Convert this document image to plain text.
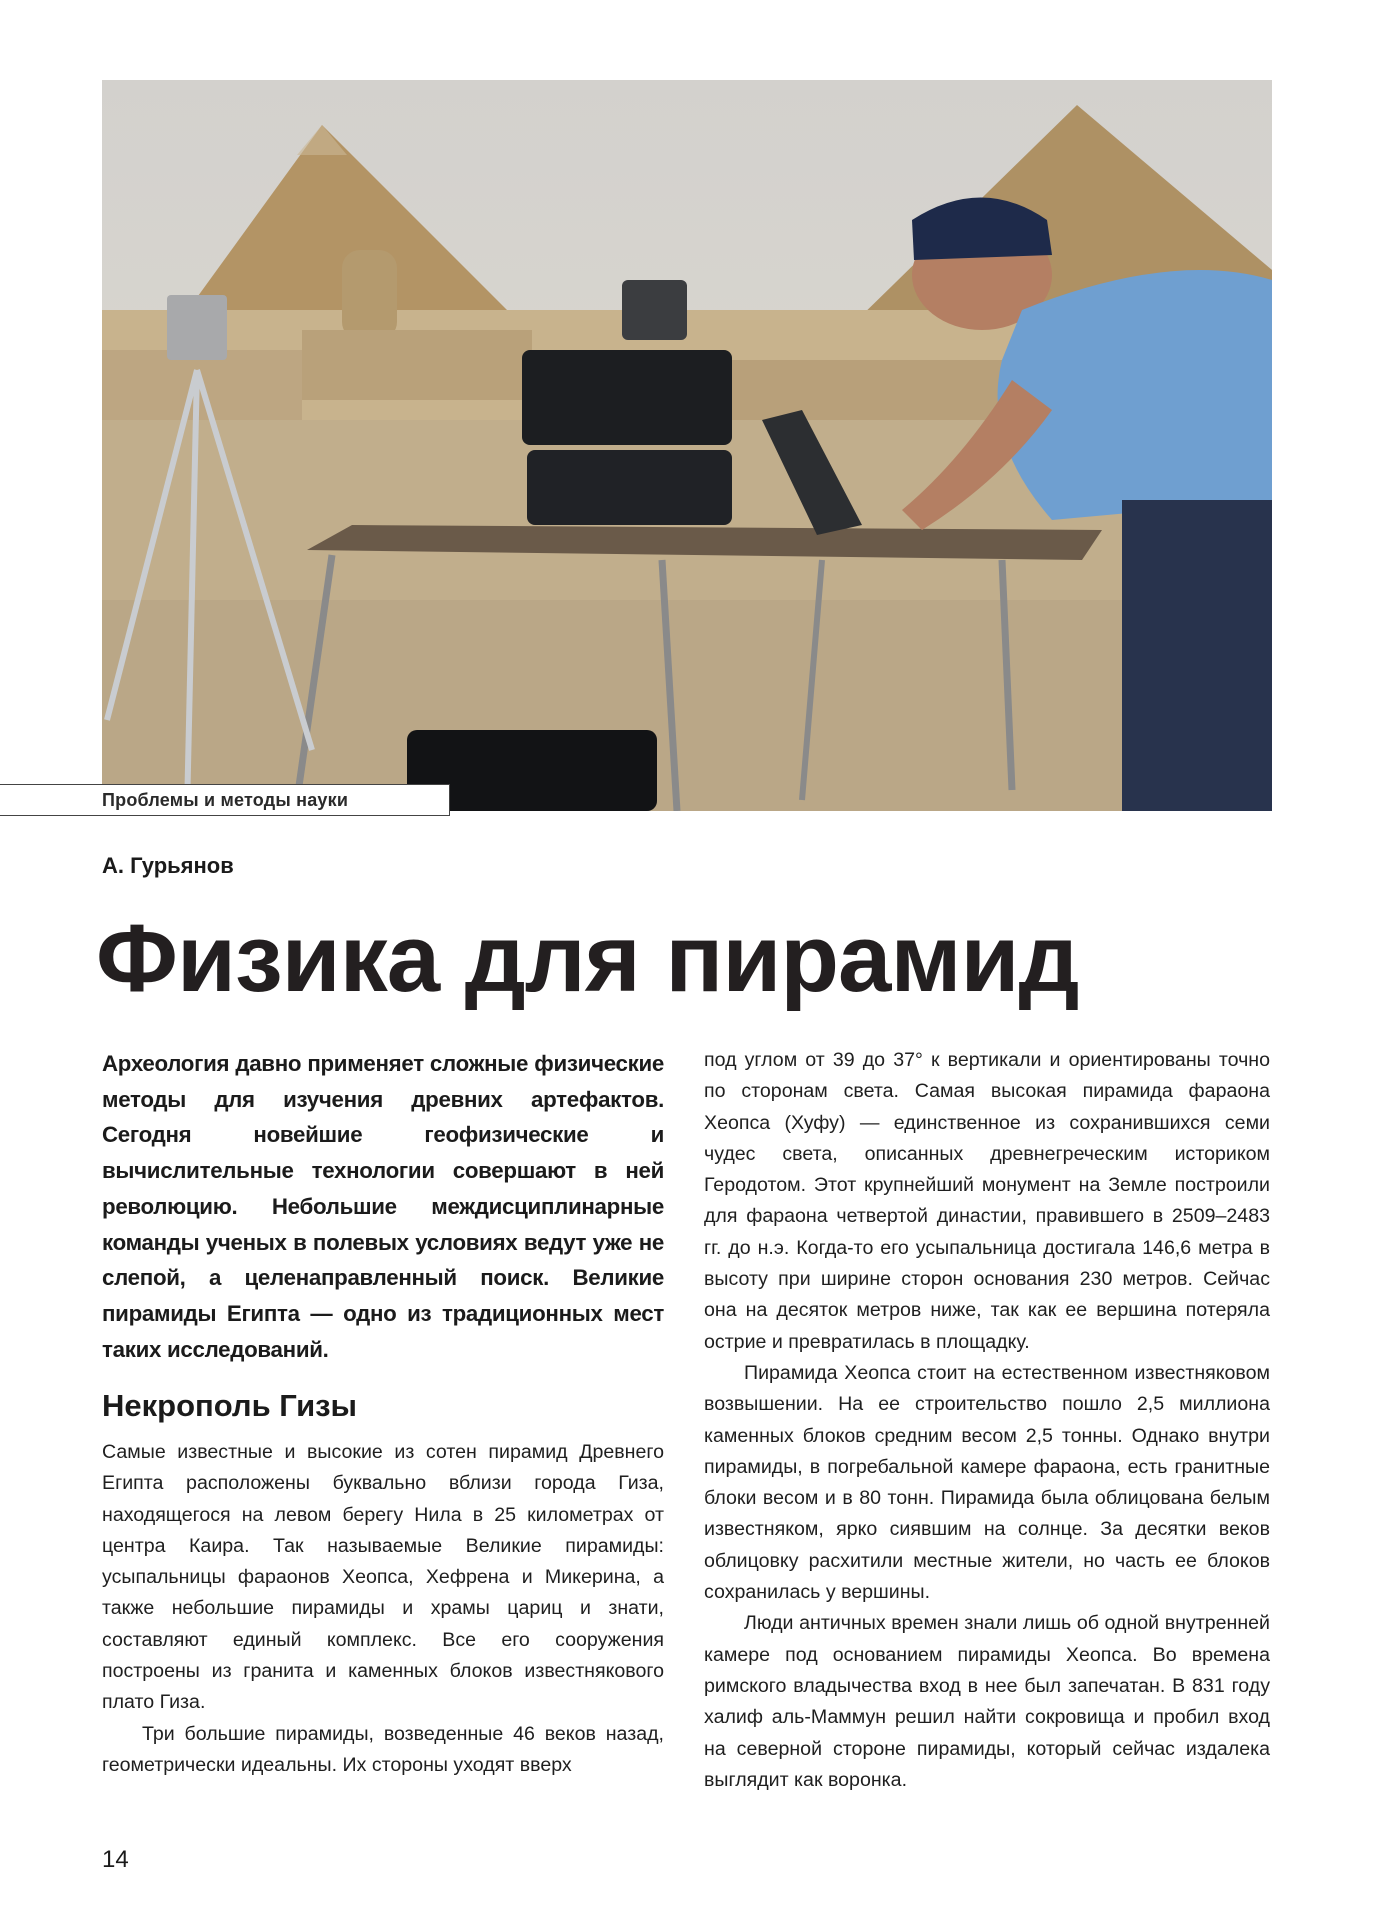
Проблемы и методы науки
А. Гурьянов
Физика для пирамид
Археология давно применяет сложные физические методы для изучения древних артефактов. Сегодня новейшие геофизические и вычислительные технологии совершают в ней революцию. Небольшие междисциплинарные команды ученых в полевых условиях ведут уже не слепой, а целенаправленный поиск. Великие пирамиды Египта — одно из традиционных мест таких исследований.
Некрополь Гизы

Самые известные и высокие из сотен пирамид Древнего Египта расположены буквально вблизи города Гиза, находящегося на левом берегу Нила в 25 километрах от центра Каира. Так называемые Великие пирамиды: усыпальницы фараонов Хеопса, Хефрена и Микерина, а также небольшие пирамиды и храмы цариц и знати, составляют единый комплекс. Все его сооружения построены из гранита и каменных блоков известнякового плато Гиза.

Три большие пирамиды, возведенные 46 веков назад, геометрически идеальны. Их стороны уходят вверх

под углом от 39 до 37° к вертикали и ориентированы точно по сторонам света. Самая высокая пирамида фараона Хеопса (Хуфу) — единственное из сохранившихся семи чудес света, описанных древнегреческим историком Геродотом. Этот крупнейший монумент на Земле построили для фараона четвертой династии, правившего в 2509–2483 гг. до н.э. Когда-то его усыпальница достигала 146,6 метра в высоту при ширине сторон основания 230 метров. Сейчас она на десяток метров ниже, так как ее вершина потеряла острие и превратилась в площадку.

Пирамида Хеопса стоит на естественном известняковом возвышении. На ее строительство пошло 2,5 миллиона каменных блоков средним весом 2,5 тонны. Однако внутри пирамиды, в погребальной камере фараона, есть гранитные блоки весом и в 80 тонн. Пирамида была облицована белым известняком, ярко сиявшим на солнце. За десятки веков облицовку расхитили местные жители, но часть ее блоков сохранилась у вершины.

Люди античных времен знали лишь об одной внутренней камере под основанием пирамиды Хеопса. Во времена римского владычества вход в нее был запечатан. В 831 году халиф аль-Маммун решил найти сокровища и пробил вход на северной стороне пирамиды, который сейчас издалека выглядит как воронка.

14
